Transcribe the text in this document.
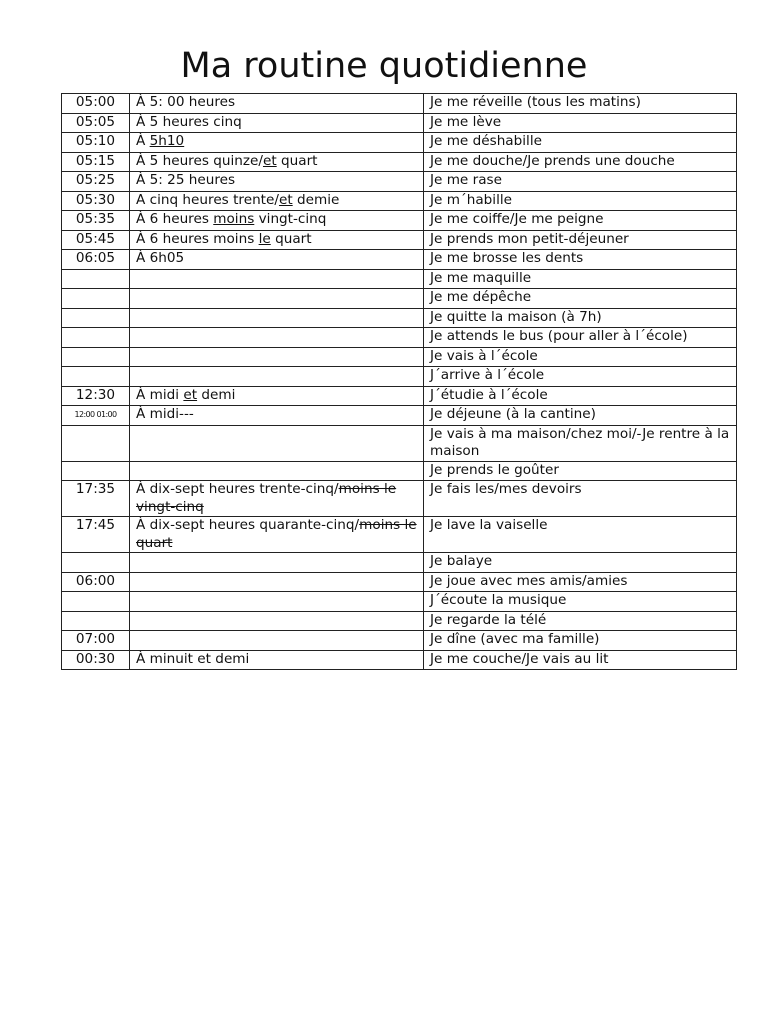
Ma routine quotidienne
05:00	À 5: 00 heures	Je me réveille (tous les matins)
05:05	À 5 heures cinq	Je me lève
05:10	À 5h10	Je me déshabille
05:15	À 5 heures quinze/et quart	Je me douche/Je prends une douche
05:25	À 5: 25 heures	Je me rase
05:30	A cinq heures trente/et demie	Je m´habille
05:35	À 6 heures moins vingt-cinq	Je me coiffe/Je me peigne
05:45	À 6 heures moins le quart	Je prends mon petit-déjeuner
06:05	À 6h05	Je me brosse les dents
		Je me maquille
		Je me dépêche
		Je quitte la maison (à 7h)
		Je attends le bus (pour aller à l´école)
		Je vais à l´école
		J´arrive à l´école
12:30	À midi et demi	J´étudie à l´école
12:00 01:00	À midi---	Je déjeune (à la cantine)
		Je vais à ma maison/chez moi/-Je rentre à la maison
		Je prends le goûter
17:35	À dix-sept heures trente-cinq/moins le vingt-cinq	Je fais les/mes devoirs
17:45	À dix-sept heures quarante-cinq/moins le quart	Je lave la vaiselle
		Je balaye
06:00		Je joue avec mes amis/amies
		J´écoute la musique
		Je regarde la télé
07:00		Je dîne (avec ma famille)
00:30	À minuit et demi	Je me couche/Je vais au lit
